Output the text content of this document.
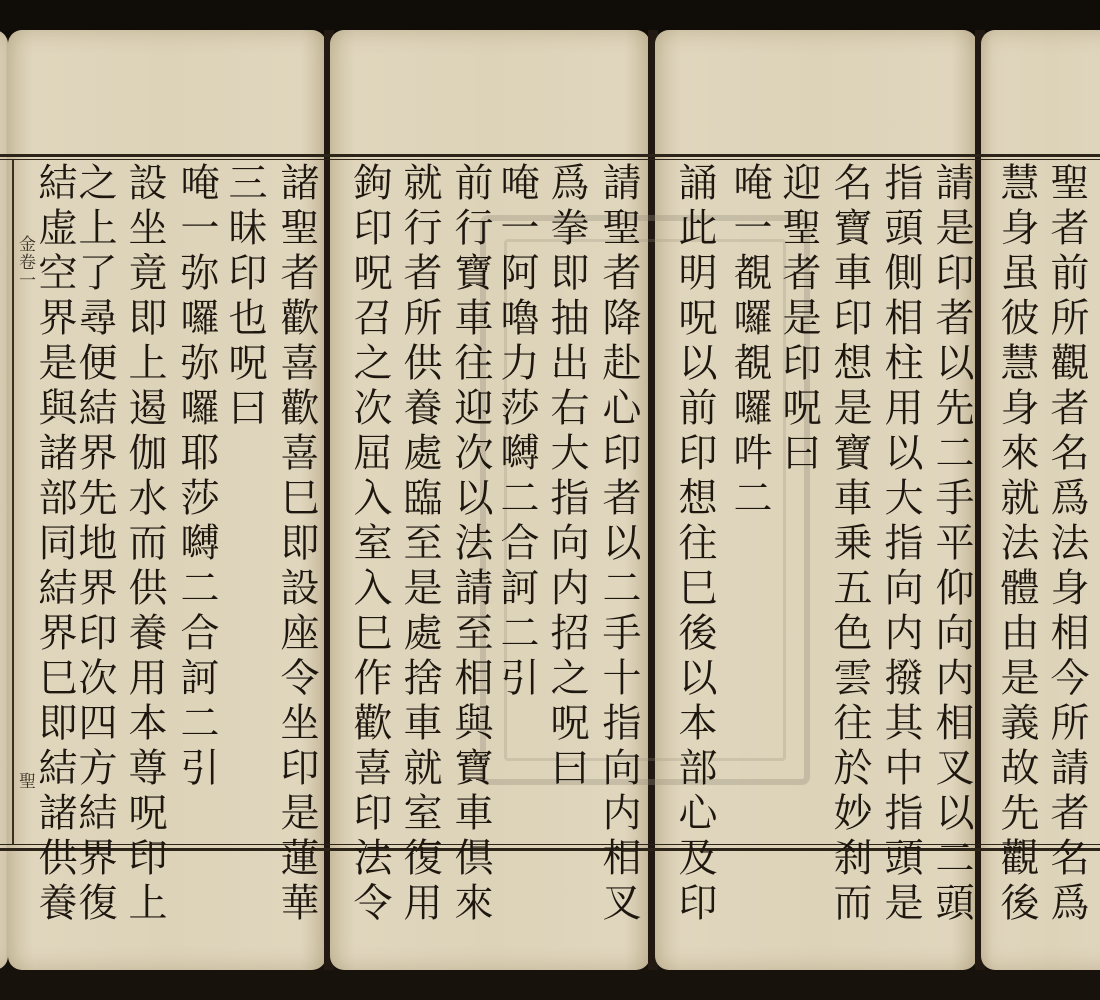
金卷一
聖	聖者前所觀者名爲法身相今所請者名爲
慧身虽彼慧身來就法體由是義故先觀後
請是印者以先二手平仰向内相叉以二頭
指頭側相柱用以大指向内撥其中指頭是
名寶車印想是寶車乗五色雲往於妙刹而
迎聖者是印呪曰
唵一覩囉覩囉吽二
誦此明呪以前印想往巳後以本部心及印
請聖者降赴心印者以二手十指向内相叉
爲拳即抽出右大指向内招之呪曰
唵一阿嚕力莎嚩二合訶二引
前行寶車往迎次以法請至相與寶車倶來
就行者所供養處臨至是處捨車就室復用
鉤印呪召之次屈入室入巳作歡喜印法令
諸聖者歡喜歡喜巳即設座令坐印是蓮華
三昧印也呪曰
唵一弥囉弥囉耶莎嚩二合訶二引
設坐竟即上遏伽水而供養用本尊呪印上
之上了尋便結界先地界印次四方結界復
結虚空界是與諸部同結界巳即結諸供養
